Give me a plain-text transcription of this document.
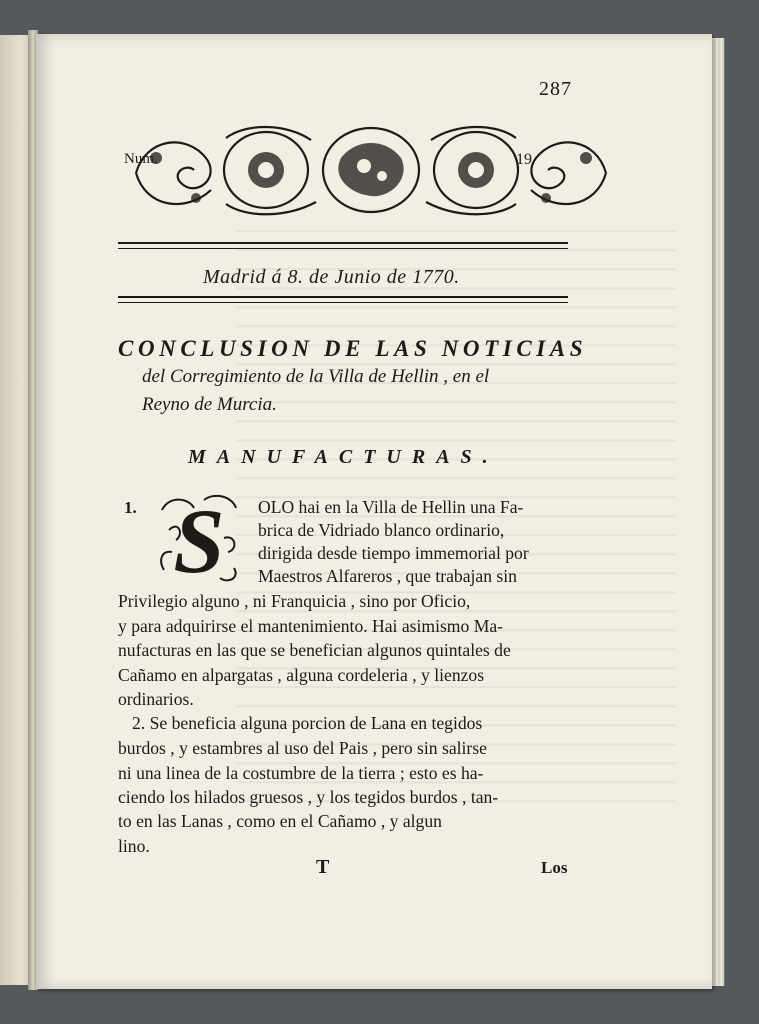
287
Num.	19
Madrid á 8. de Junio de 1770.
CONCLUSION DE LAS NOTICIAS
del Corregimiento de la Villa de Hellin , en el
Reyno de Murcia.
MANUFACTURAS.
1. S OLO hai en la Villa de Hellin una Fa-
brica de Vidriado blanco ordinario,
dirigida desde tiempo immemorial por
Maestros Alfareros , que trabajan sin
Privilegio alguno , ni Franquicia , sino por Oficio,
y para adquirirse el mantenimiento. Hai asimismo Ma-
nufacturas en las que se benefician algunos quintales de
Cañamo en alpargatas , alguna cordeleria , y lienzos
ordinarios.
2. Se beneficia alguna porcion de Lana en tegidos
burdos , y estambres al uso del Pais , pero sin salirse
ni una linea de la costumbre de la tierra ; esto es ha-
ciendo los hilados gruesos , y los tegidos burdos , tan-
to en las Lanas , como en el Cañamo , y algun
lino.
T	Los
